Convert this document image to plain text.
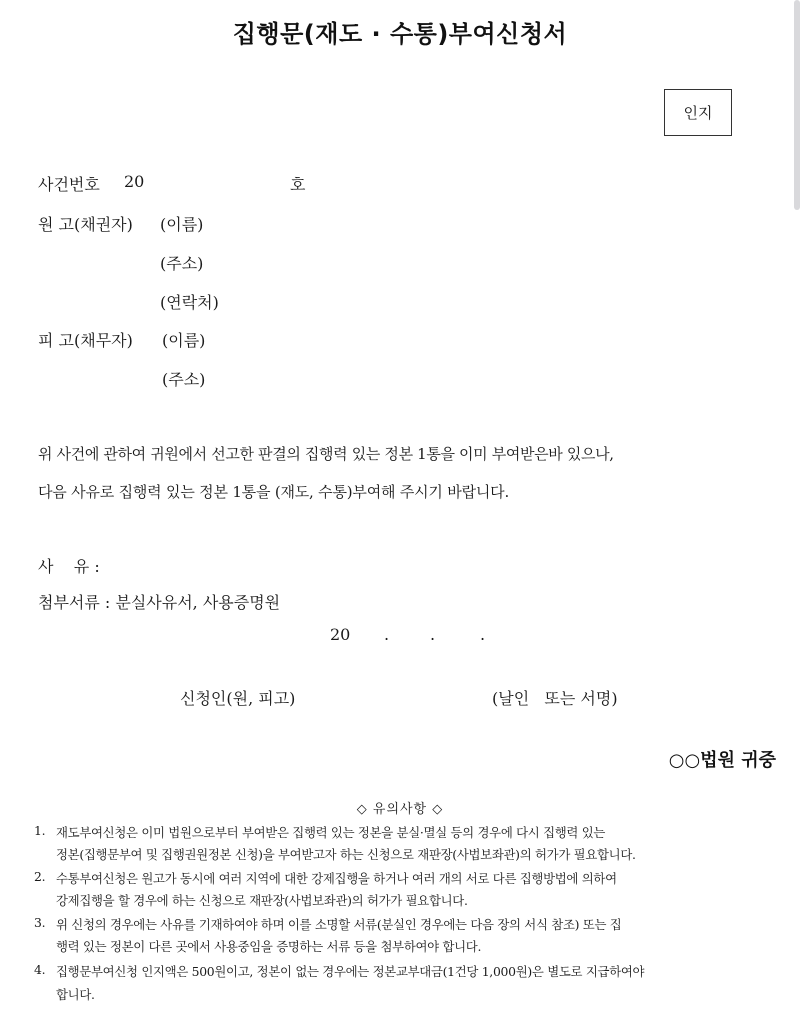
집행문(재도 · 수통)부여신청서
인지
사건번호 20	호
원 고(채권자) (이름)
(주소)
(연락처)
피 고(채무자) (이름)
(주소)
위 사건에 관하여 귀원에서 선고한 판결의 집행력 있는 정본 1통을 이미 부여받은바 있으나,
다음 사유로 집행력 있는 정본 1통을 (재도, 수통)부여해 주시기 바랍니다.
사    유 :
첨부서류 : 분실사유서, 사용증명원
20 .	.	.
신청인(원, 피고)	(날인   또는 서명)
○○법원 귀중
◇ 유의사항 ◇
1. 재도부여신청은 이미 법원으로부터 부여받은 집행력 있는 정본을 분실·멸실 등의 경우에 다시 집행력 있는
정본(집행문부여 및 집행권원정본 신청)을 부여받고자 하는 신청으로 재판장(사법보좌관)의 허가가 필요합니다.
2. 수통부여신청은 원고가 동시에 여러 지역에 대한 강제집행을 하거나 여러 개의 서로 다른 집행방법에 의하여
강제집행을 할 경우에 하는 신청으로 재판장(사법보좌관)의 허가가 필요합니다.
3. 위 신청의 경우에는 사유를 기재하여야 하며 이를 소명할 서류(분실인 경우에는 다음 장의 서식 참조) 또는 집
행력 있는 정본이 다른 곳에서 사용중임을 증명하는 서류 등을 첨부하여야 합니다.
4. 집행문부여신청 인지액은 500원이고, 정본이 없는 경우에는 정본교부대금(1건당 1,000원)은 별도로 지급하여야
합니다.
